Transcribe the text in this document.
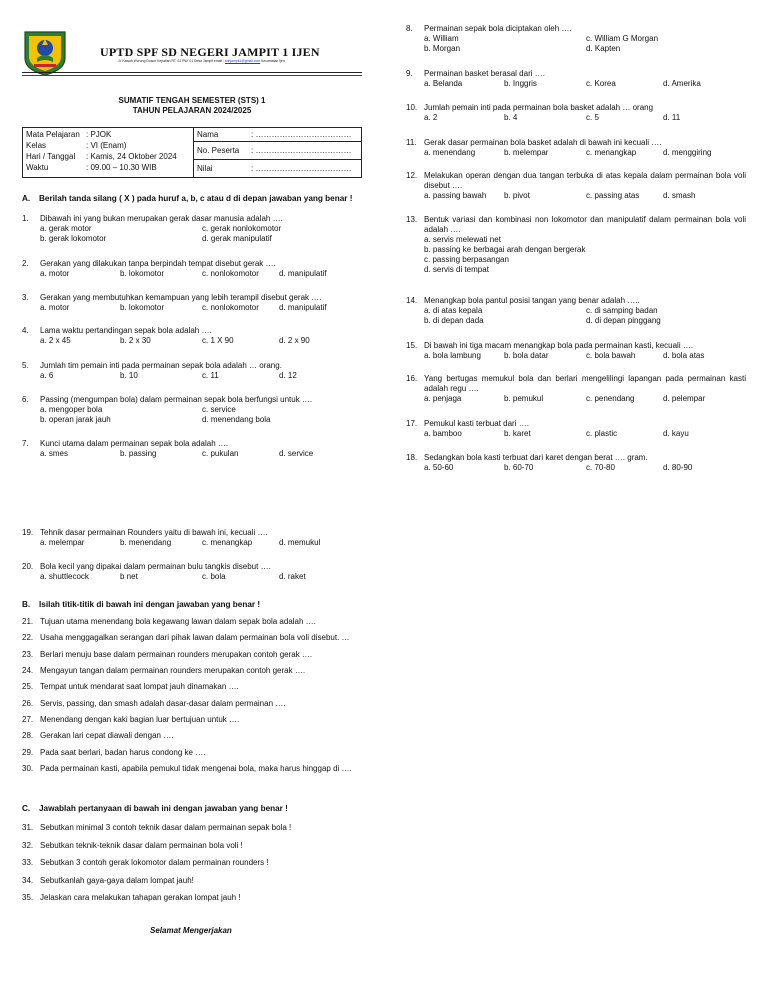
UPTD SPF SD NEGERI JAMPIT 1 IJEN
Jl. Kawah Wurung Dusun Kepatian RT. 02 RW. 01 Desa Jampit email : sdnjampit1@gmail.com Kecamatan Ijen
SUMATIF TENGAH SEMESTER (STS) 1
TAHUN PELAJARAN 2024/2025
Mata Pelajaran : PJOK
Kelas	: VI (Enam)
Hari / Tanggal	: Kamis, 24 Oktober 2024
Waktu	: 09.00 – 10.30 WIB
Nama	: ………………………………
No. Peserta	: ………………………………
Nilai	: ………………………………
A. Berilah tanda silang ( X ) pada huruf a, b, c atau d di depan jawaban yang benar !
1.	Dibawah ini yang bukan merupakan gerak dasar manusia adalah ….
a. gerak motor	c. gerak nonlokomotor
b. gerak lokomotor	d. gerak manipulatif
2.	Gerakan yang dilakukan tanpa berpindah tempat disebut gerak ….
a. motor	b. lokomotor	c. nonlokomotor	d. manipulatif
3.	Gerakan yang membutuhkan kemampuan yang lebih terampil disebut gerak ….
a. motor	b. lokomotor	c. nonlokomotor	d. manipulatif
4.	Lama waktu pertandingan sepak bola adalah ….
a. 2 x 45	b. 2 x 30	c. 1 X 90	d. 2 x 90
5.	Jumlah tim pemain inti pada permainan sepak bola adalah … orang.
a. 6	b. 10	c. 11	d. 12
6.	Passing (mengumpan bola) dalam permainan sepak bola berfungsi untuk ….
a. mengoper bola	c. service
b. operan jarak jauh	d. menendang bola
7.	Kunci utama dalam permainan sepak bola adalah ….
a. smes	b. passing	c. pukulan	d. service
8.	Permainan sepak bola diciptakan oleh ….
a. William	c. William G Morgan
b. Morgan	d. Kapten
9.	Permainan basket berasal dari ….
a. Belanda	b. Inggris	c. Korea	d. Amerika
10. Jumlah pemain inti pada permainan bola basket adalah … orang
a. 2	b. 4	c. 5	d. 11
11. Gerak dasar permainan bola basket adalah di bawah ini kecuali ….
a. menendang	b. melempar	c. menangkap	d. menggiring
12. Melakukan operan dengan dua tangan terbuka di atas kepala dalam permainan bola voli disebut ….
a. passing bawah	b. pivot	c. passing atas	d. smash
13. Bentuk variasi dan kombinasi non lokomotor dan manipulatif dalam permainan bola voli adalah ….
a. servis melewati net
b. passing ke berbagai arah dengan bergerak
c. passing berpasangan
d. servis di tempat
14. Menangkap bola pantul posisi tangan yang benar adalah …..
a. di atas kepala	c. di samping badan
b. di depan dada	d. di depan pinggang
15. Di bawah ini tiga macam menangkap bola pada permainan kasti, kecuali ….
a. bola lambung	b. bola datar	c. bola bawah	d. bola atas
16. Yang bertugas memukul bola dan berlari mengelilingi lapangan pada permainan kasti adalah regu ….
a. penjaga	b. pemukul	c. penendang	d. pelempar
17. Pemukul kasti terbuat dari ….
a. bamboo	b. karet	c. plastic	d. kayu
18. Sedangkan bola kasti terbuat dari karet dengan berat …. gram.
a. 50-60	b. 60-70	c. 70-80	d. 80-90
19. Tehnik dasar permainan Rounders yaitu di bawah ini, kecuali ….
a. melempar	b. menendang	c. menangkap	d. memukul
20. Bola kecil yang dipakai dalam permainan bulu tangkis disebut ….
a. shuttlecock	b net	c. bola	d. raket
B. Isilah titik-titik di bawah ini dengan jawaban yang benar !
21. Tujuan utama menendang bola kegawang lawan dalam sepak bola adalah ….
22. Usaha menggagalkan serangan dari pihak lawan dalam permainan bola voli disebut. …
23. Berlari menuju base dalam permainan rounders merupakan contoh gerak ….
24. Mengayun tangan dalam permainan rounders merupakan contoh gerak ….
25. Tempat untuk mendarat saat lompat jauh dinamakan ….
26. Servis, passing, dan smash adalah dasar-dasar dalam permainan ….
27. Menendang dengan kaki bagian luar bertujuan untuk ….
28. Gerakan lari cepat diawali dengan ….
29. Pada saat berlari, badan harus condong ke ….
30. Pada permainan kasti, apabila pemukul tidak mengenai bola, maka harus hinggap di ….
C. Jawablah pertanyaan di bawah ini dengan jawaban yang benar !
31. Sebutkan minimal 3 contoh teknik dasar dalam permainan sepak bola !
32. Sebutkan teknik-teknik dasar dalam permainan bola voli !
33. Sebutkan 3 contoh gerak lokomotor dalam permainan rounders !
34. Sebutkanlah gaya-gaya dalam lompat jauh!
35. Jelaskan cara melakukan tahapan gerakan lompat jauh !
Selamat Mengerjakan
